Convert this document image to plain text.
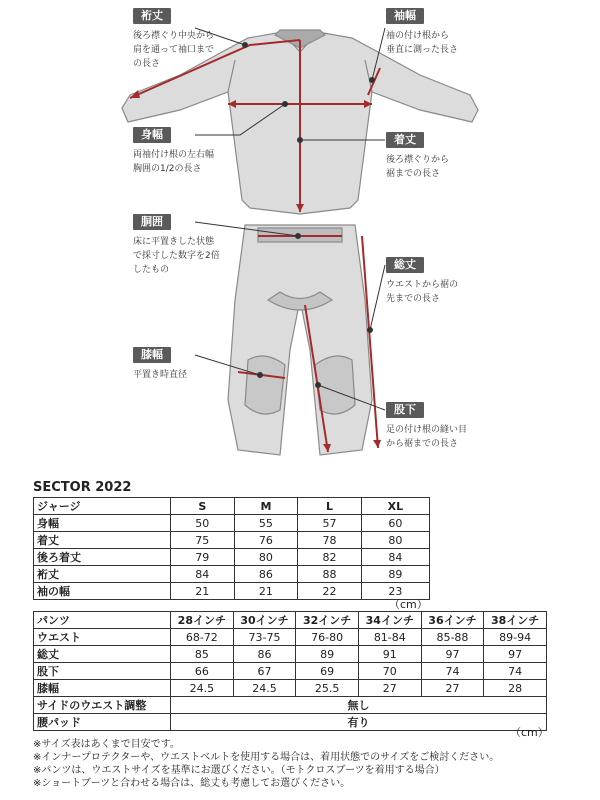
裄丈
後ろ襟ぐり中央から
肩を通って袖口まで
の長さ
袖幅
袖の付け根から
垂直に測った長さ
身幅
両袖付け根の左右幅
胸囲の1/2の長さ
着丈
後ろ襟ぐりから
裾までの長さ
胴囲
床に平置きした状態
で採寸した数字を2倍
したもの	総丈
ウエストから裾の
先までの長さ
膝幅
平置き時直径
股下
足の付け根の縫い目
から裾までの長さ
SECTOR 2022
ジャージ	S	M	L	XL
身幅	50	55	57	60
着丈	75	76	78	80
後ろ着丈	79	80	82	84
裄丈	84	86	88	89
袖の幅	21	21	22	23
（cm）
パンツ	28インチ	30インチ	32インチ	34インチ	36インチ	38インチ
ウエスト	68-72	73-75	76-80	81-84	85-88	89-94
総丈	85	86	89	91	97	97
股下	66	67	69	70	74	74
膝幅	24.5	24.5	25.5	27	27	28
サイドのウエスト調整	無し					
腰パッド	有り					
（cm）
※サイズ表はあくまで目安です。
※インナープロテクターや、ウエストベルトを使用する場合は、着用状態でのサイズをご検討ください。
※パンツは、ウエストサイズを基準にお選びください。（モトクロスブーツを着用する場合）
※ショートブーツと合わせる場合は、総丈も考慮してお選びください。
